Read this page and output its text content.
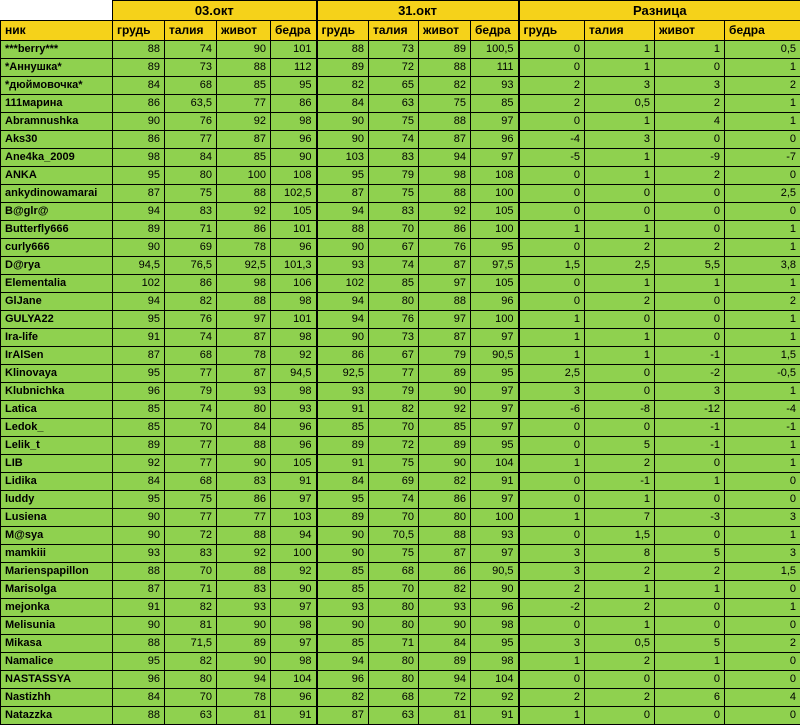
	03.окт				31.окт				Разница			
ник	грудь	талия	живот	бедра	грудь	талия	живот	бедра	грудь	талия	живот	бедра
***berry***	88	74	90	101	88	73	89	100,5	0	1	1	0,5
*Аннушка*	89	73	88	112	89	72	88	111	0	1	0	1
*дюймовочка*	84	68	85	95	82	65	82	93	2	3	3	2
111марина	86	63,5	77	86	84	63	75	85	2	0,5	2	1
Abramnushka	90	76	92	98	90	75	88	97	0	1	4	1
Aks30	86	77	87	96	90	74	87	96	-4	3	0	0
Ane4ka_2009	98	84	85	90	103	83	94	97	-5	1	-9	-7
ANKA	95	80	100	108	95	79	98	108	0	1	2	0
ankydinowamarai	87	75	88	102,5	87	75	88	100	0	0	0	2,5
B@glr@	94	83	92	105	94	83	92	105	0	0	0	0
Butterfly666	89	71	86	101	88	70	86	100	1	1	0	1
curly666	90	69	78	96	90	67	76	95	0	2	2	1
D@rya	94,5	76,5	92,5	101,3	93	74	87	97,5	1,5	2,5	5,5	3,8
Elementalia	102	86	98	106	102	85	97	105	0	1	1	1
GlJane	94	82	88	98	94	80	88	96	0	2	0	2
GULYA22	95	76	97	101	94	76	97	100	1	0	0	1
Ira-life	91	74	87	98	90	73	87	97	1	1	0	1
IrAlSen	87	68	78	92	86	67	79	90,5	1	1	-1	1,5
Klinovaya	95	77	87	94,5	92,5	77	89	95	2,5	0	-2	-0,5
Klubnichka	96	79	93	98	93	79	90	97	3	0	3	1
Latica	85	74	80	93	91	82	92	97	-6	-8	-12	-4
Ledok_	85	70	84	96	85	70	85	97	0	0	-1	-1
Lelik_t	89	77	88	96	89	72	89	95	0	5	-1	1
LIB	92	77	90	105	91	75	90	104	1	2	0	1
Lidika	84	68	83	91	84	69	82	91	0	-1	1	0
luddy	95	75	86	97	95	74	86	97	0	1	0	0
Lusiena	90	77	77	103	89	70	80	100	1	7	-3	3
M@sya	90	72	88	94	90	70,5	88	93	0	1,5	0	1
mamkiii	93	83	92	100	90	75	87	97	3	8	5	3
Marienspapillon	88	70	88	92	85	68	86	90,5	3	2	2	1,5
Marisolga	87	71	83	90	85	70	82	90	2	1	1	0
mejonka	91	82	93	97	93	80	93	96	-2	2	0	1
Melisunia	90	81	90	98	90	80	90	98	0	1	0	0
Mikasa	88	71,5	89	97	85	71	84	95	3	0,5	5	2
Namalice	95	82	90	98	94	80	89	98	1	2	1	0
NASTASSYA	96	80	94	104	96	80	94	104	0	0	0	0
Nastizhh	84	70	78	96	82	68	72	92	2	2	6	4
Natazzka	88	63	81	91	87	63	81	91	1	0	0	0
